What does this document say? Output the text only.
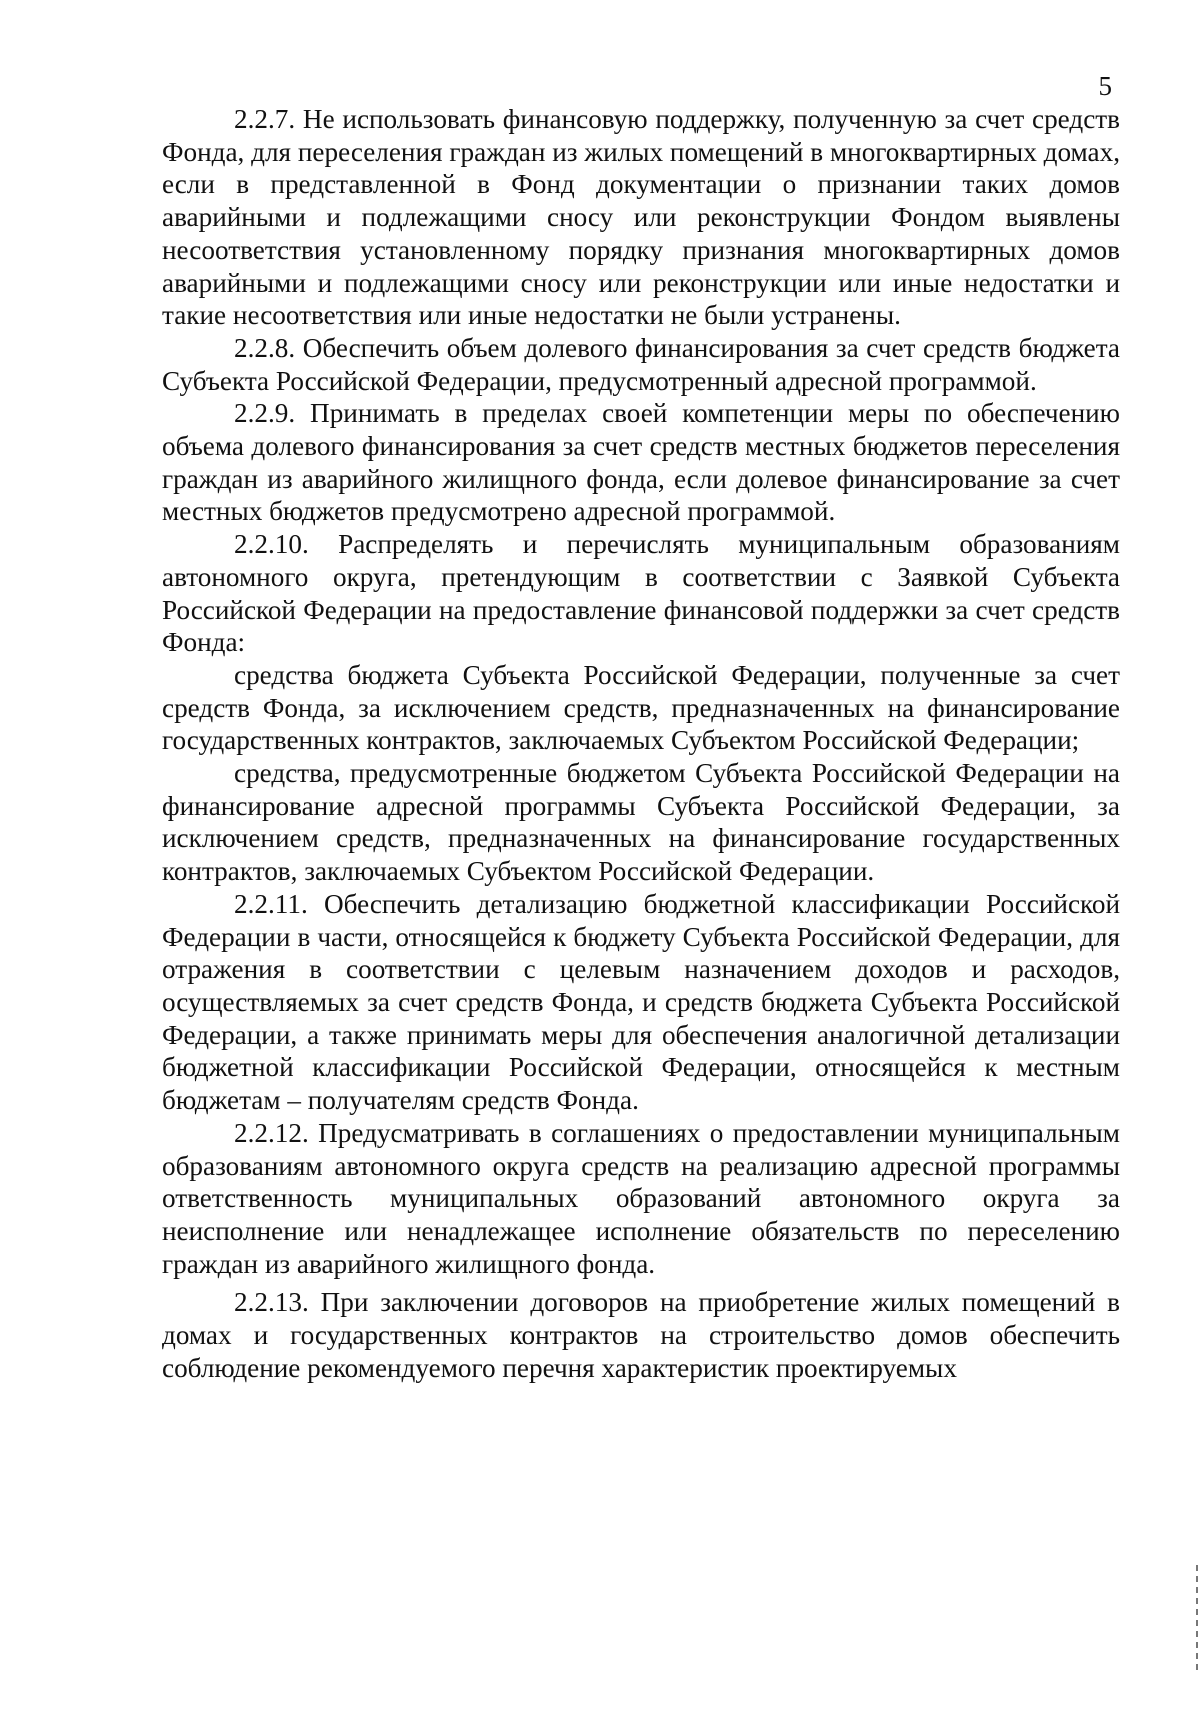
5

2.2.7. Не использовать финансовую поддержку, полученную за счет средств Фонда, для переселения граждан из жилых помещений в многоквартирных домах, если в представленной в Фонд документации о признании таких домов аварийными и подлежащими сносу или реконструкции Фондом выявлены несоответствия установленному порядку признания многоквартирных домов аварийными и подлежащими сносу или реконструкции или иные недостатки и такие несоответствия или иные недостатки не были устранены.

2.2.8. Обеспечить объем долевого финансирования за счет средств бюджета Субъекта Российской Федерации, предусмотренный адресной программой.

2.2.9. Принимать в пределах своей компетенции меры по обеспечению объема долевого финансирования за счет средств местных бюджетов переселения граждан из аварийного жилищного фонда, если долевое финансирование за счет местных бюджетов предусмотрено адресной программой.

2.2.10. Распределять и перечислять муниципальным образованиям автономного округа, претендующим в соответствии с Заявкой Субъекта Российской Федерации на предоставление финансовой поддержки за счет средств Фонда:

средства бюджета Субъекта Российской Федерации, полученные за счет средств Фонда, за исключением средств, предназначенных на финансирование государственных контрактов, заключаемых Субъектом Российской Федерации;

средства, предусмотренные бюджетом Субъекта Российской Федерации на финансирование адресной программы Субъекта Российской Федерации, за исключением средств, предназначенных на финансирование государственных контрактов, заключаемых Субъектом Российской Федерации.

2.2.11. Обеспечить детализацию бюджетной классификации Российской Федерации в части, относящейся к бюджету Субъекта Российской Федерации, для отражения в соответствии с целевым назначением доходов и расходов, осуществляемых за счет средств Фонда, и средств бюджета Субъекта Российской Федерации, а также принимать меры для обеспечения аналогичной детализации бюджетной классификации Российской Федерации, относящейся к местным бюджетам – получателям средств Фонда.

2.2.12. Предусматривать в соглашениях о предоставлении муниципальным образованиям автономного округа средств на реализацию адресной программы ответственность муниципальных образований автономного округа за неисполнение или ненадлежащее исполнение обязательств по переселению граждан из аварийного жилищного фонда.

2.2.13. При заключении договоров на приобретение жилых помещений в домах и государственных контрактов на строительство домов обеспечить соблюдение рекомендуемого перечня характеристик проектируемых
